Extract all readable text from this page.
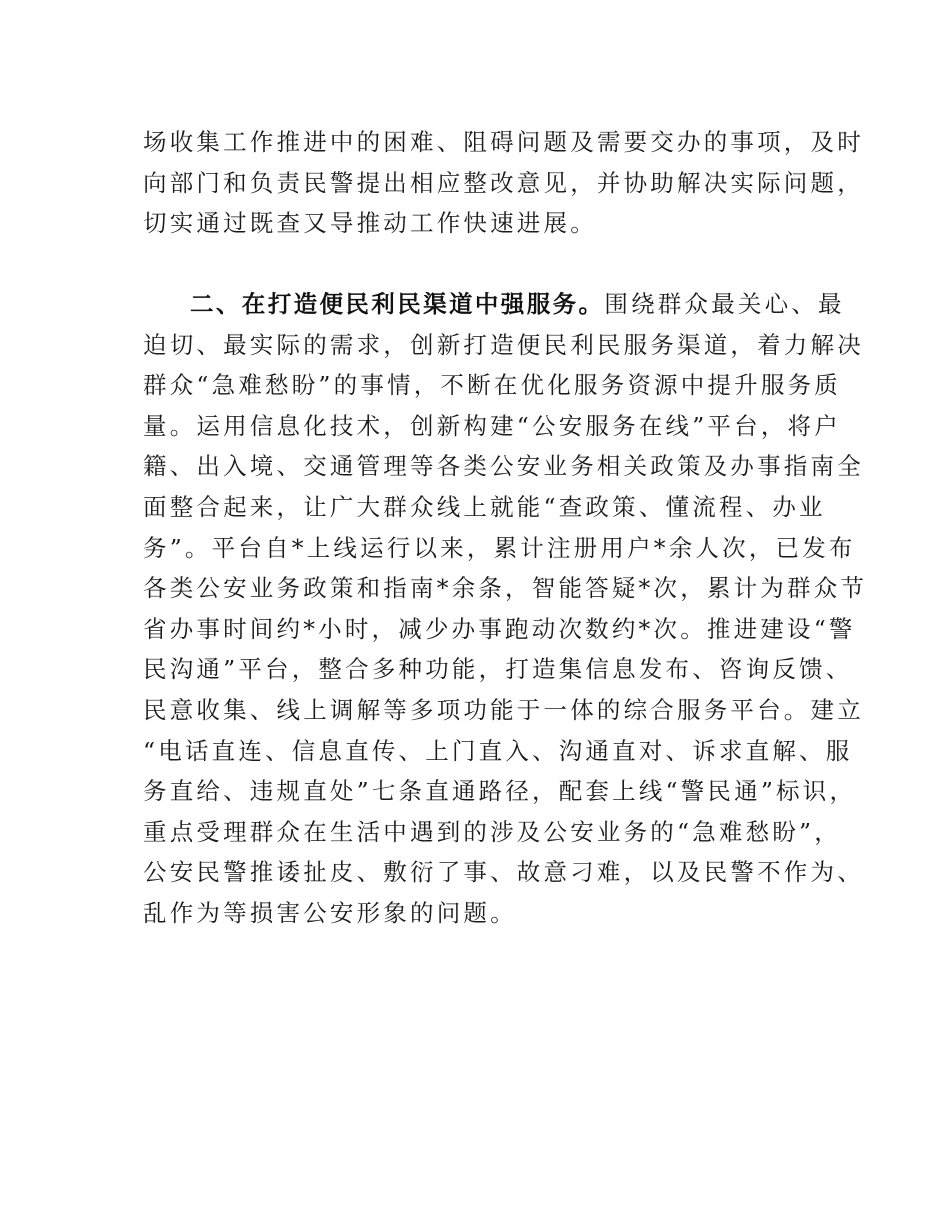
场收集工作推进中的困难、阻碍问题及需要交办的事项，及时
向部门和负责民警提出相应整改意见，并协助解决实际问题，
切实通过既查又导推动工作快速进展。
二、在打造便民利民渠道中强服务。围绕群众最关心、最
迫切、最实际的需求，创新打造便民利民服务渠道，着力解决
群众“急难愁盼”的事情，不断在优化服务资源中提升服务质
量。运用信息化技术，创新构建“公安服务在线”平台，将户
籍、出入境、交通管理等各类公安业务相关政策及办事指南全
面整合起来，让广大群众线上就能“查政策、懂流程、办业
务”。平台自*上线运行以来，累计注册用户*余人次，已发布
各类公安业务政策和指南*余条，智能答疑*次，累计为群众节
省办事时间约*小时，减少办事跑动次数约*次。推进建设“警
民沟通”平台，整合多种功能，打造集信息发布、咨询反馈、
民意收集、线上调解等多项功能于一体的综合服务平台。建立
“电话直连、信息直传、上门直入、沟通直对、诉求直解、服
务直给、违规直处”七条直通路径，配套上线“警民通”标识，
重点受理群众在生活中遇到的涉及公安业务的“急难愁盼”，
公安民警推诿扯皮、敷衍了事、故意刁难，以及民警不作为、
乱作为等损害公安形象的问题。
